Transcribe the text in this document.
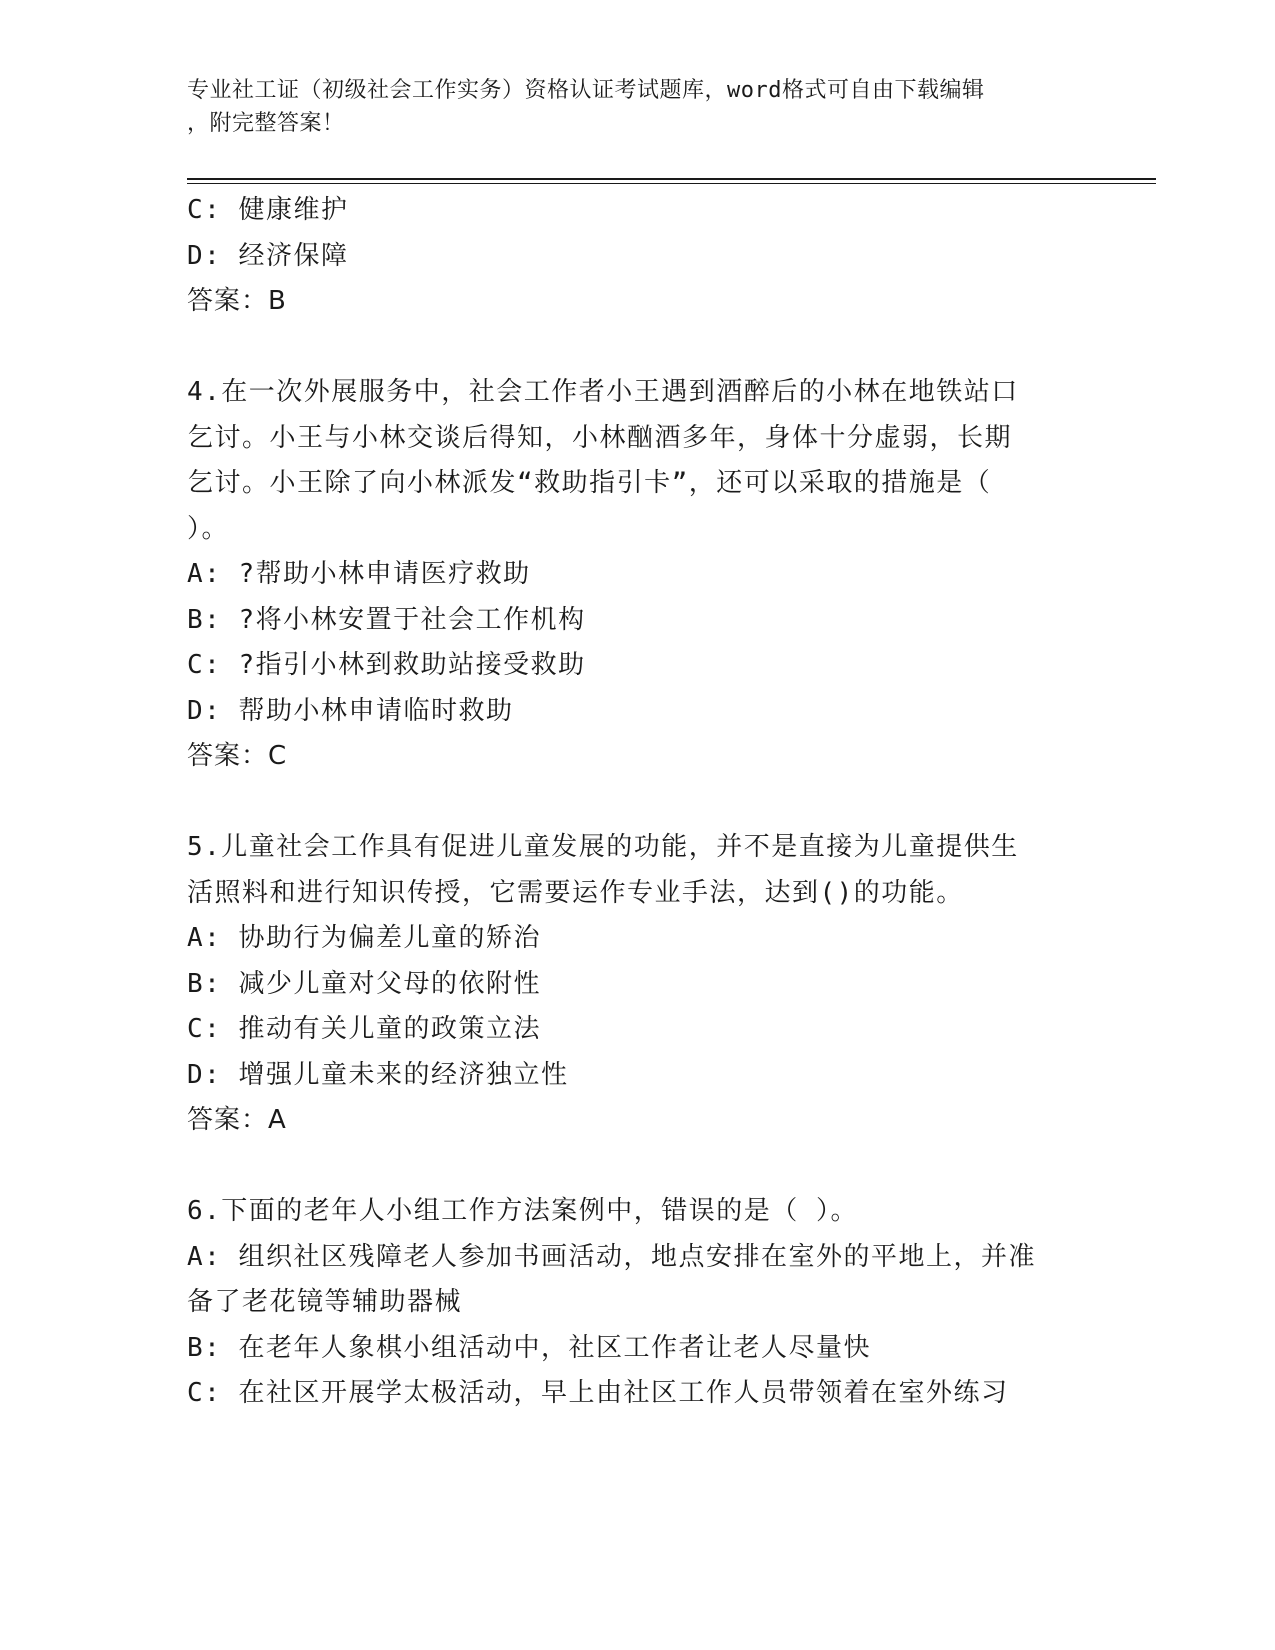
专业社工证（初级社会工作实务）资格认证考试题库，word格式可自由下载编辑
，附完整答案！
C: 健康维护
D: 经济保障
答案：B
4.在一次外展服务中，社会工作者小王遇到酒醉后的小林在地铁站口
乞讨。小王与小林交谈后得知，小林酗酒多年，身体十分虚弱，长期
乞讨。小王除了向小林派发“救助指引卡”，还可以采取的措施是（
）。
A: ?帮助小林申请医疗救助
B: ?将小林安置于社会工作机构
C: ?指引小林到救助站接受救助
D: 帮助小林申请临时救助
答案：C
5.儿童社会工作具有促进儿童发展的功能，并不是直接为儿童提供生
活照料和进行知识传授，它需要运作专业手法，达到()的功能。
A: 协助行为偏差儿童的矫治
B: 减少儿童对父母的依附性
C: 推动有关儿童的政策立法
D: 增强儿童未来的经济独立性
答案：A
6.下面的老年人小组工作方法案例中，错误的是（ ）。
A: 组织社区残障老人参加书画活动，地点安排在室外的平地上，并准
备了老花镜等辅助器械
B: 在老年人象棋小组活动中，社区工作者让老人尽量快
C: 在社区开展学太极活动，早上由社区工作人员带领着在室外练习
